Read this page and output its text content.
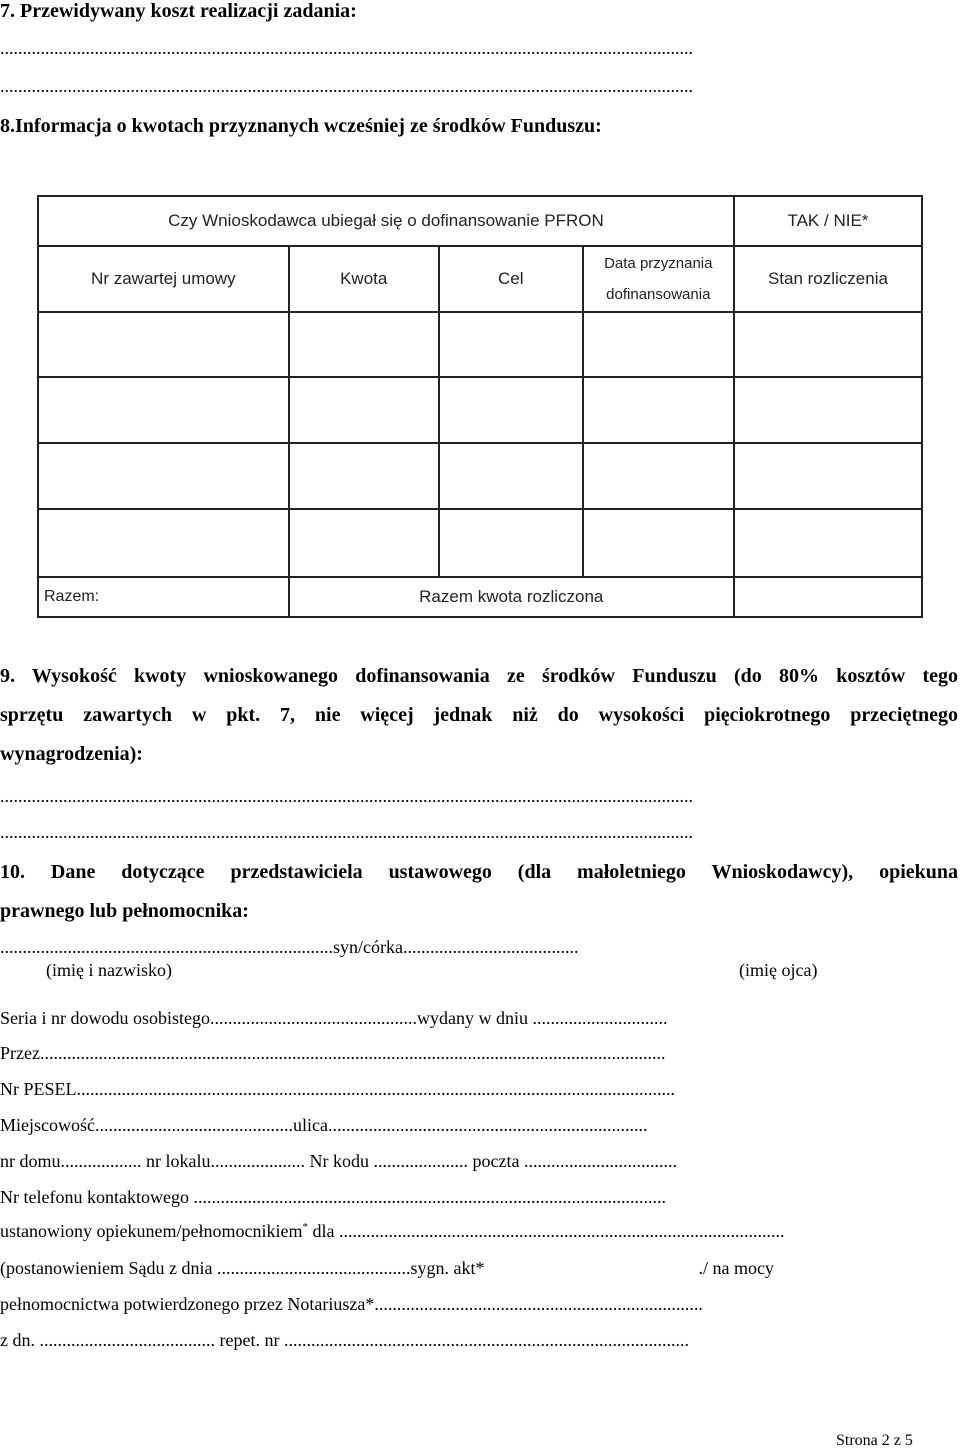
7. Przewidywany koszt realizacji zadania:
..........................................................................................................................................................
..........................................................................................................................................................
8.Informacja o kwotach przyznanych wcześniej ze środków Funduszu:
Czy Wnioskodawca ubiegał się o dofinansowanie PFRON				TAK / NIE*
Nr zawartej umowy	Kwota	Cel	Data przyznania
dofinansowania	Stan rozliczenia

Razem:	Razem kwota rozliczona			
9. Wysokość kwoty wnioskowanego dofinansowania ze środków Funduszu (do 80% kosztów tego
sprzętu zawartych w pkt. 7, nie więcej jednak niż do wysokości pięciokrotnego przeciętnego
wynagrodzenia):
..........................................................................................................................................................
..........................................................................................................................................................
10. Dane dotyczące przedstawiciela ustawowego (dla małoletniego Wnioskodawcy), opiekuna
prawnego lub pełnomocnika:
..........................................................................syn/córka.......................................
(imię i nazwisko)	(imię ojca)
Seria i nr dowodu osobistego..............................................wydany w dniu ..............................
Przez...........................................................................................................................................
Nr PESEL.....................................................................................................................................
Miejscowość............................................ulica.......................................................................
nr domu.................. nr lokalu..................... Nr kodu ..................... poczta ..................................
Nr telefonu kontaktowego .........................................................................................................
ustanowiony opiekunem/pełnomocnikiem* dla ...................................................................................................
(postanowieniem Sądu z dnia ...........................................sygn. akt*	./ na mocy
pełnomocnictwa potwierdzonego przez Notariusza*.........................................................................
z dn. ....................................... repet. nr ..........................................................................................
Strona 2 z 5
